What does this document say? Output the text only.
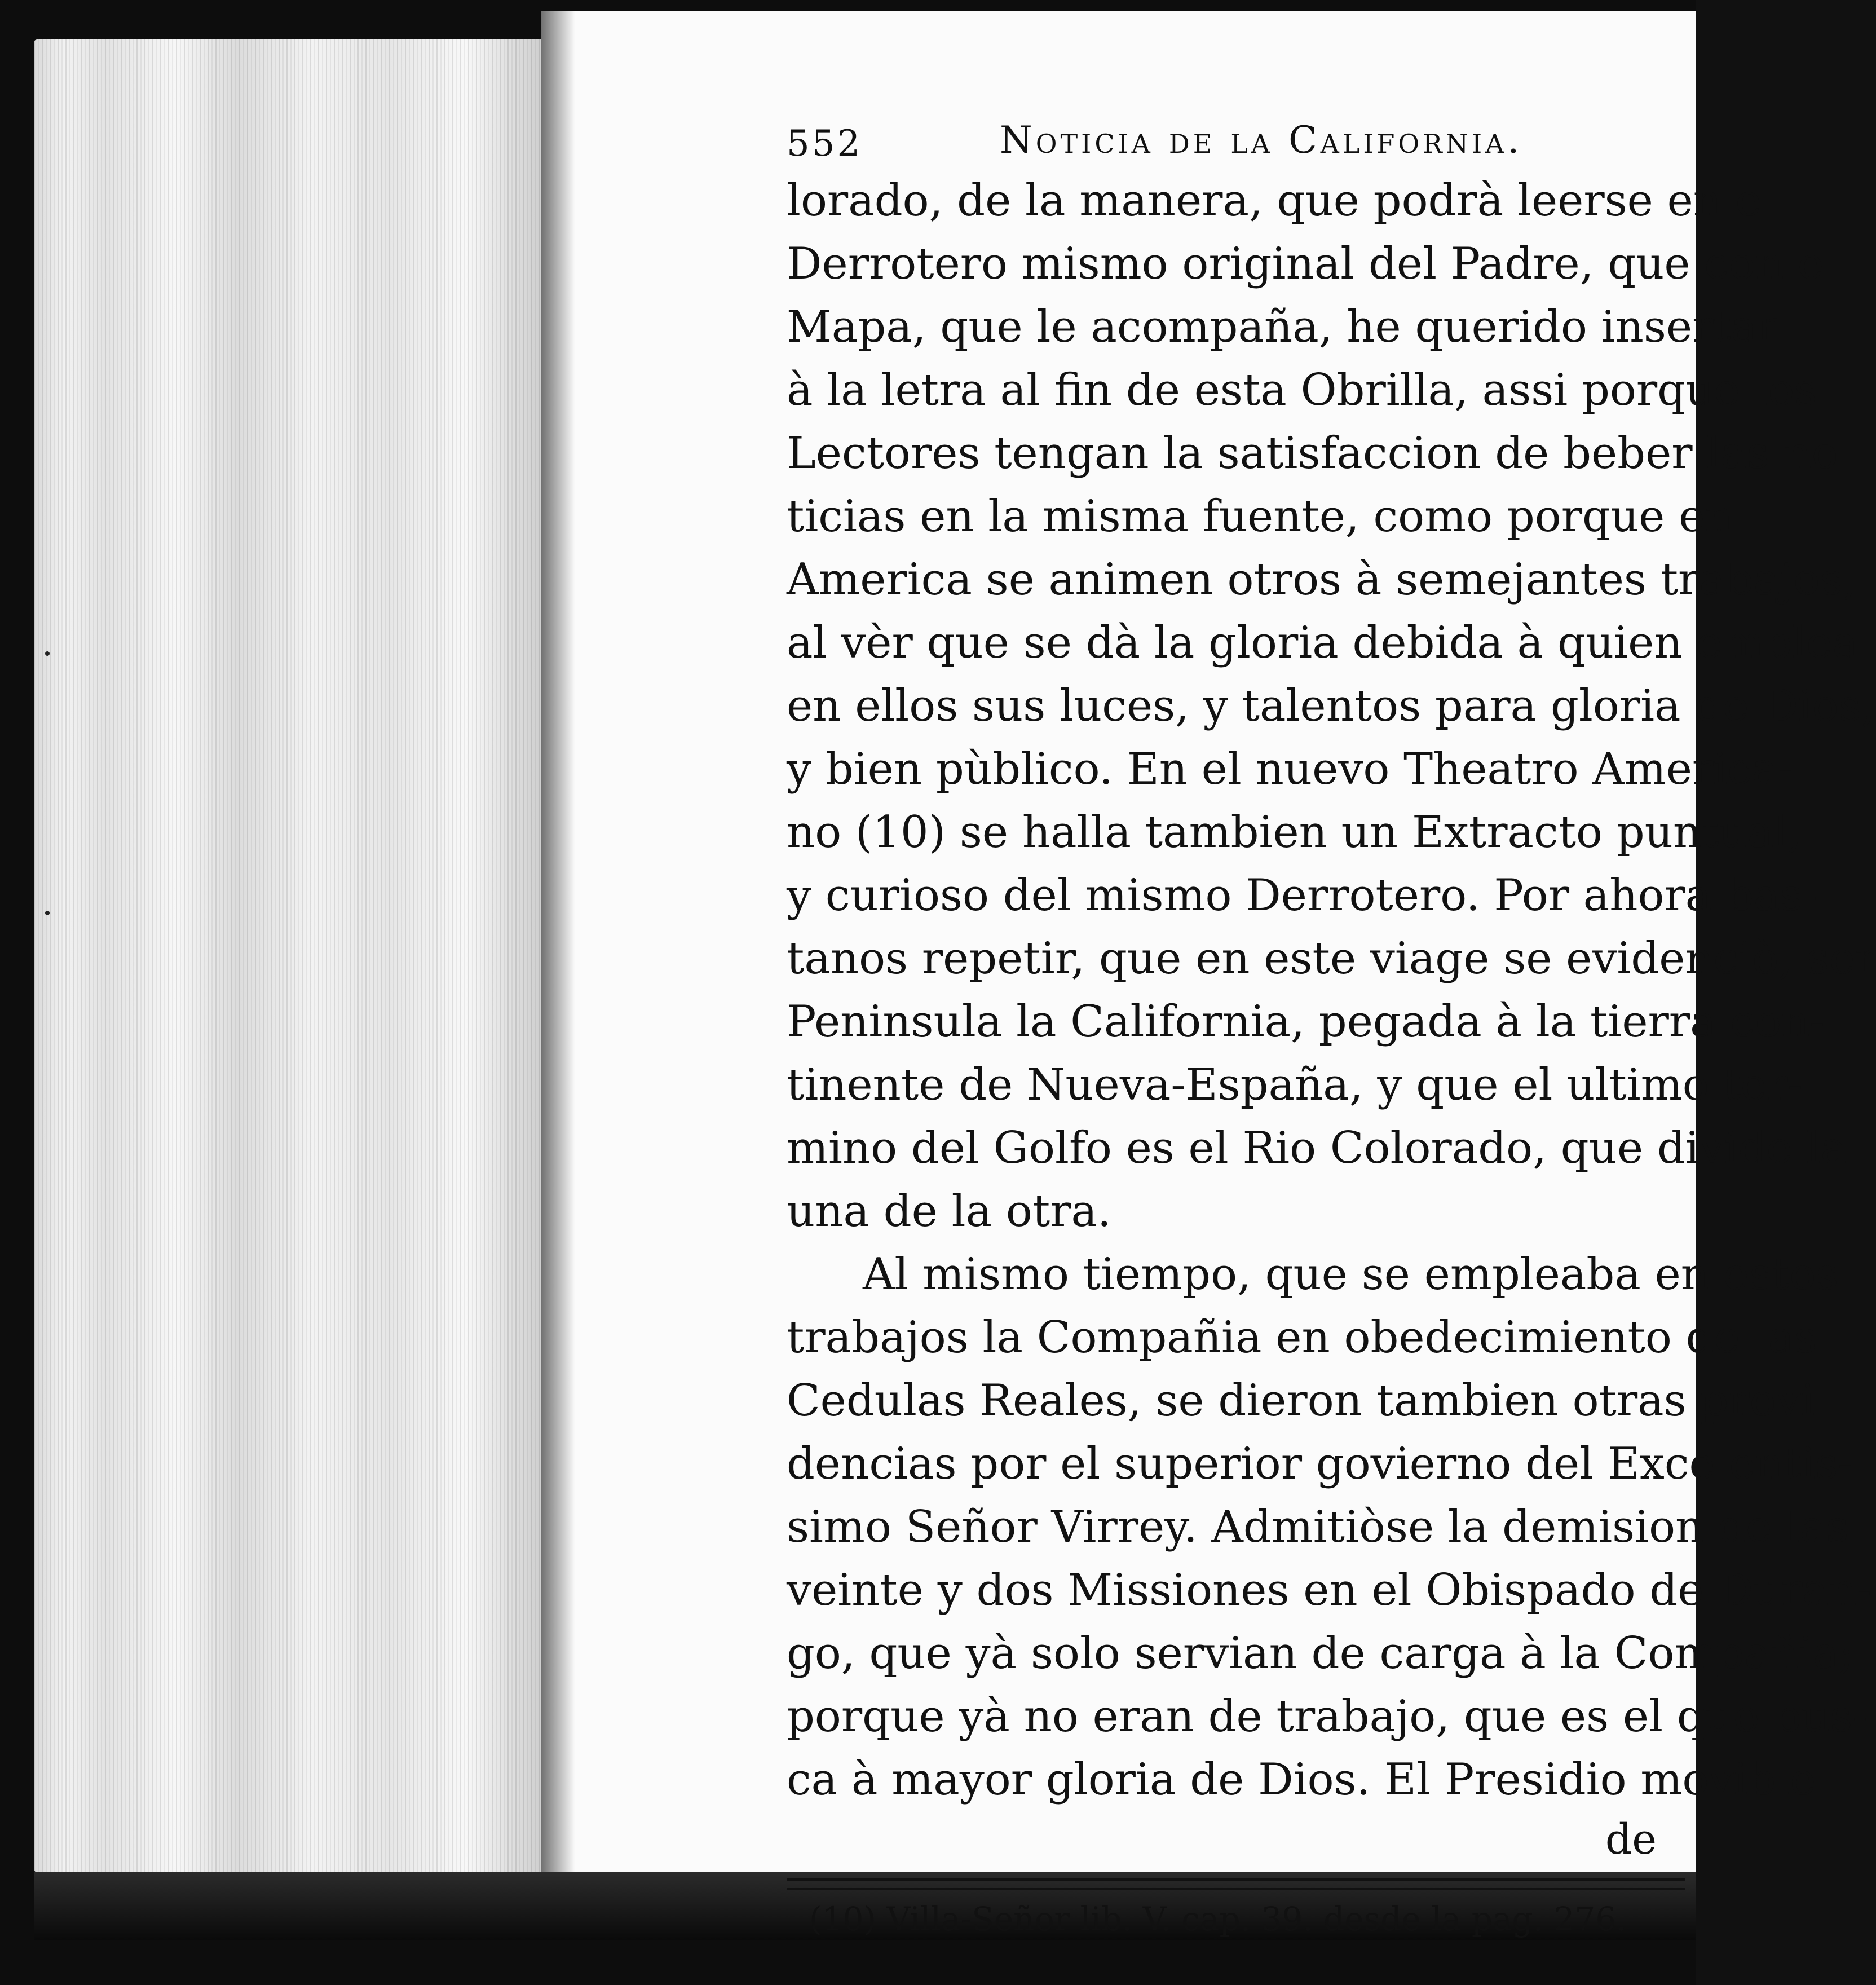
552	Noticia de la California.
lorado, de la manera, que podrà leerse en e
Derrotero mismo original del Padre, que con e
Mapa, que le acompaña, he querido insertar
à la letra al fin de esta Obrilla, assi porque los
Lectores tengan la satisfaccion de beber las no-
ticias en la misma fuente, como porque en
America se animen otros à semejantes trabajos,
al vèr que se dà la gloria debida à quien emplea
en ellos sus luces, y talentos para gloria de Dios,
y bien pùblico. En el nuevo Theatro America-
no (10) se halla tambien un Extracto puntual,
y curioso del mismo Derrotero. Por ahora bas-
tanos repetir, que en este viage se evidenciò, ser
Peninsula la California, pegada à la tierra con-
tinente de Nueva-España, y que el ultimo ter-
mino del Golfo es el Rio Colorado, que divide la
una de la otra.
Al mismo tiempo, que se empleaba en estos
trabajos la Compañia en obedecimiento de las
Cedulas Reales, se dieron tambien otras provi-
dencias por el superior govierno del Excelentis-
simo Señor Virrey. Admitiòse la demision de las
veinte y dos Missiones en el Obispado de Duran-
go, que yà solo servian de carga à la Compañia;
porque yà no eran de trabajo, que es el que bus-
ca à mayor gloria de Dios. El Presidio movible
de
(10) Villa-Señor lib. V. cap. 39. desde la pag. 276.
